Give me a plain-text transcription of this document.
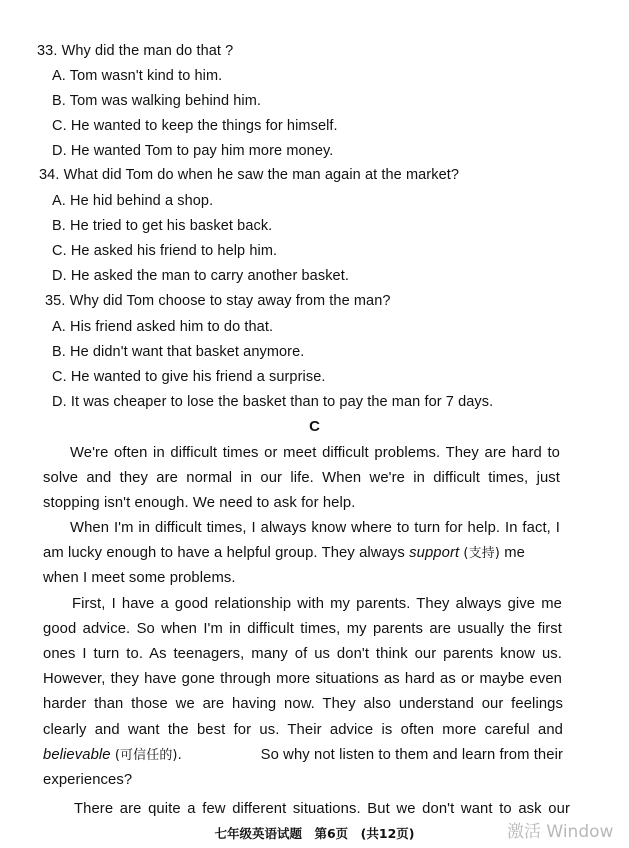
33. Why did the man do that ?
A. Tom wasn't kind to him.
B. Tom was walking behind him.
C. He wanted to keep the things for himself.
D. He wanted Tom to pay him more money.
34. What did Tom do when he saw the man again at the market?
A. He hid behind a shop.
B. He tried to get his basket back.
C. He asked his friend to help him.
D. He asked the man to carry another basket.
35. Why did Tom choose to stay away from the man?
A. His friend asked him to do that.
B. He didn't want that basket anymore.
C. He wanted to give his friend a surprise.
D. It was cheaper to lose the basket than to pay the man for 7 days.
C
We're often in difficult times or meet difficult problems. They are hard to
solve and they are normal in our life. When we're in difficult times, just
stopping isn't enough. We need to ask for help.
When I'm in difficult times, I always know where to turn for help. In fact, I
am lucky enough to have a helpful group. They always support (支持) me
when I meet some problems.
First, I have a good relationship with my parents. They always give me
good advice. So when I'm in difficult times, my parents are usually the first
ones I turn to. As teenagers, many of us don't think our parents know us.
However, they have gone through more situations as hard as or maybe even
harder than those we are having now. They also understand our feelings
clearly and want the best for us. Their advice is often more careful and
believable (可信任的).	So why not listen to them and learn from their
experiences?
There are quite a few different situations. But we don't want to ask our
七年级英语试题　第6页　(共12页)	激活 Window
